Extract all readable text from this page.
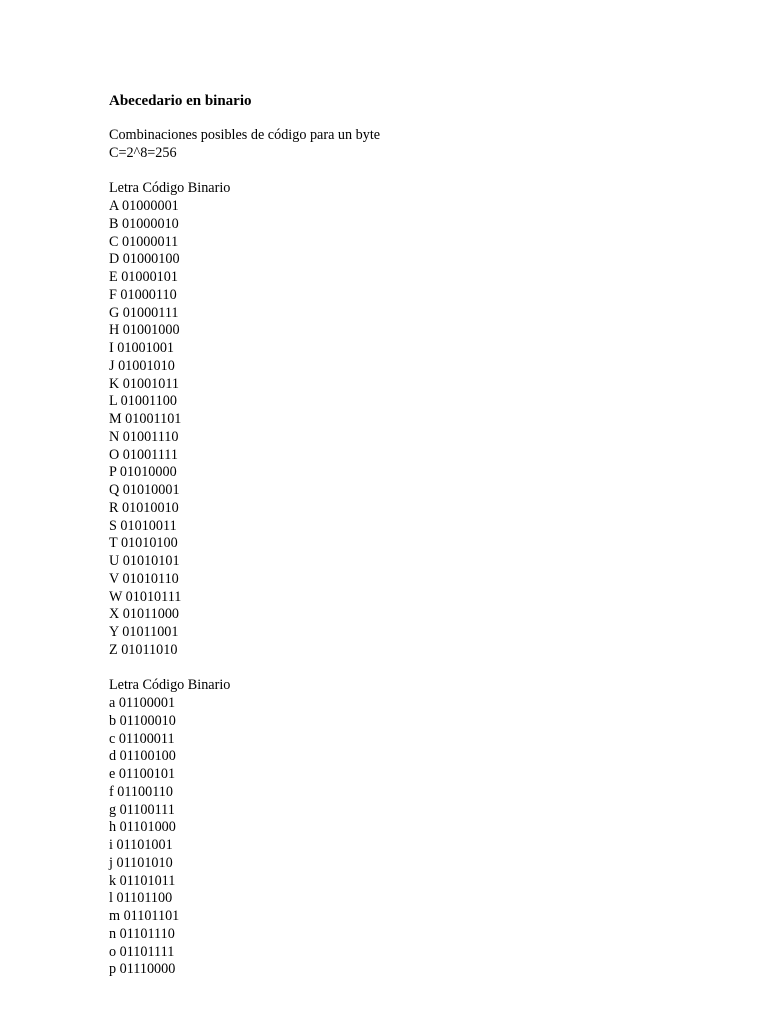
Abecedario en binario
Combinaciones posibles de código para un byte
C=2^8=256
Letra Código Binario
A 01000001
B 01000010
C 01000011
D 01000100
E 01000101
F 01000110
G 01000111
H 01001000
I 01001001
J 01001010
K 01001011
L 01001100
M 01001101
N 01001110
O 01001111
P 01010000
Q 01010001
R 01010010
S 01010011
T 01010100
U 01010101
V 01010110
W 01010111
X 01011000
Y 01011001
Z 01011010
Letra Código Binario
a 01100001
b 01100010
c 01100011
d 01100100
e 01100101
f 01100110
g 01100111
h 01101000
i 01101001
j 01101010
k 01101011
l 01101100
m 01101101
n 01101110
o 01101111
p 01110000
